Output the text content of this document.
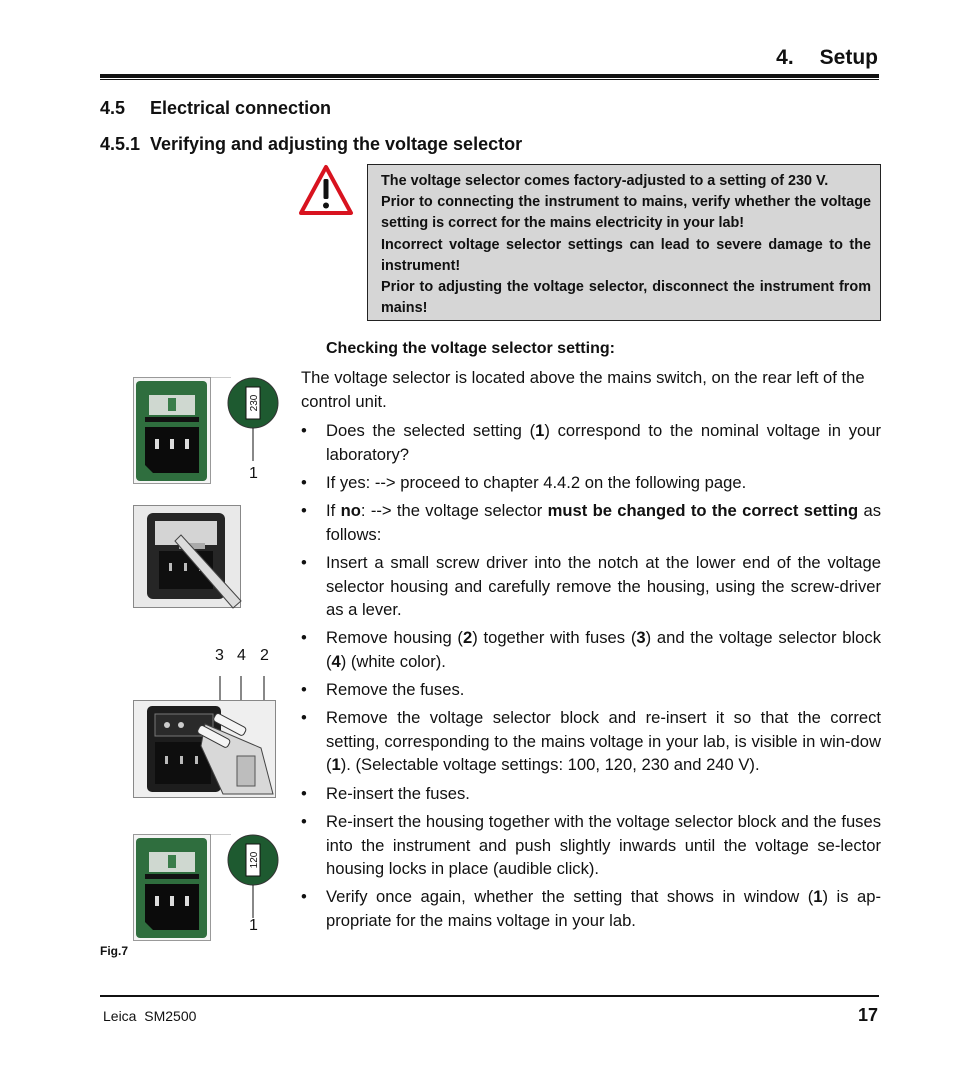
4. Setup
4.5 Electrical connection
4.5.1 Verifying and adjusting the voltage selector

The voltage selector comes factory-adjusted to a setting of 230 V.

Prior to connecting the instrument to mains, verify whether the voltage setting is correct for the mains electricity in your lab!

Incorrect voltage selector settings can lead to severe damage to the instrument!

Prior to adjusting the voltage selector, disconnect the instrument from mains!

Checking the voltage selector setting:
The voltage selector is located above the mains switch, on the rear left of the control unit.
• Does the selected setting (1) correspond to the nominal voltage in your laboratory?
• If yes: --> proceed to chapter 4.4.2 on the following page.
• If no: --> the voltage selector must be changed to the correct setting as follows:
• Insert a small screw driver into the notch at the lower end of the voltage selector housing and carefully remove the housing, using the screw-driver as a lever.
• Remove housing (2) together with fuses (3) and the voltage selector block (4) (white color).
• Remove the fuses.
• Remove the voltage selector block and re-insert it so that the correct setting, corresponding to the mains voltage in your lab, is visible in win-dow (1). (Selectable voltage settings: 100, 120, 230 and 240 V).
• Re-insert the fuses.
• Re-insert the housing together with the voltage selector block and the fuses into the instrument and push slightly inwards until the voltage se-lector housing locks in place (audible click).
• Verify once again, whether the setting that shows in window (1) is ap-propriate for the mains voltage in your lab.
230
1
3 4 2
120
1
Fig.7
Leica  SM2500	17
